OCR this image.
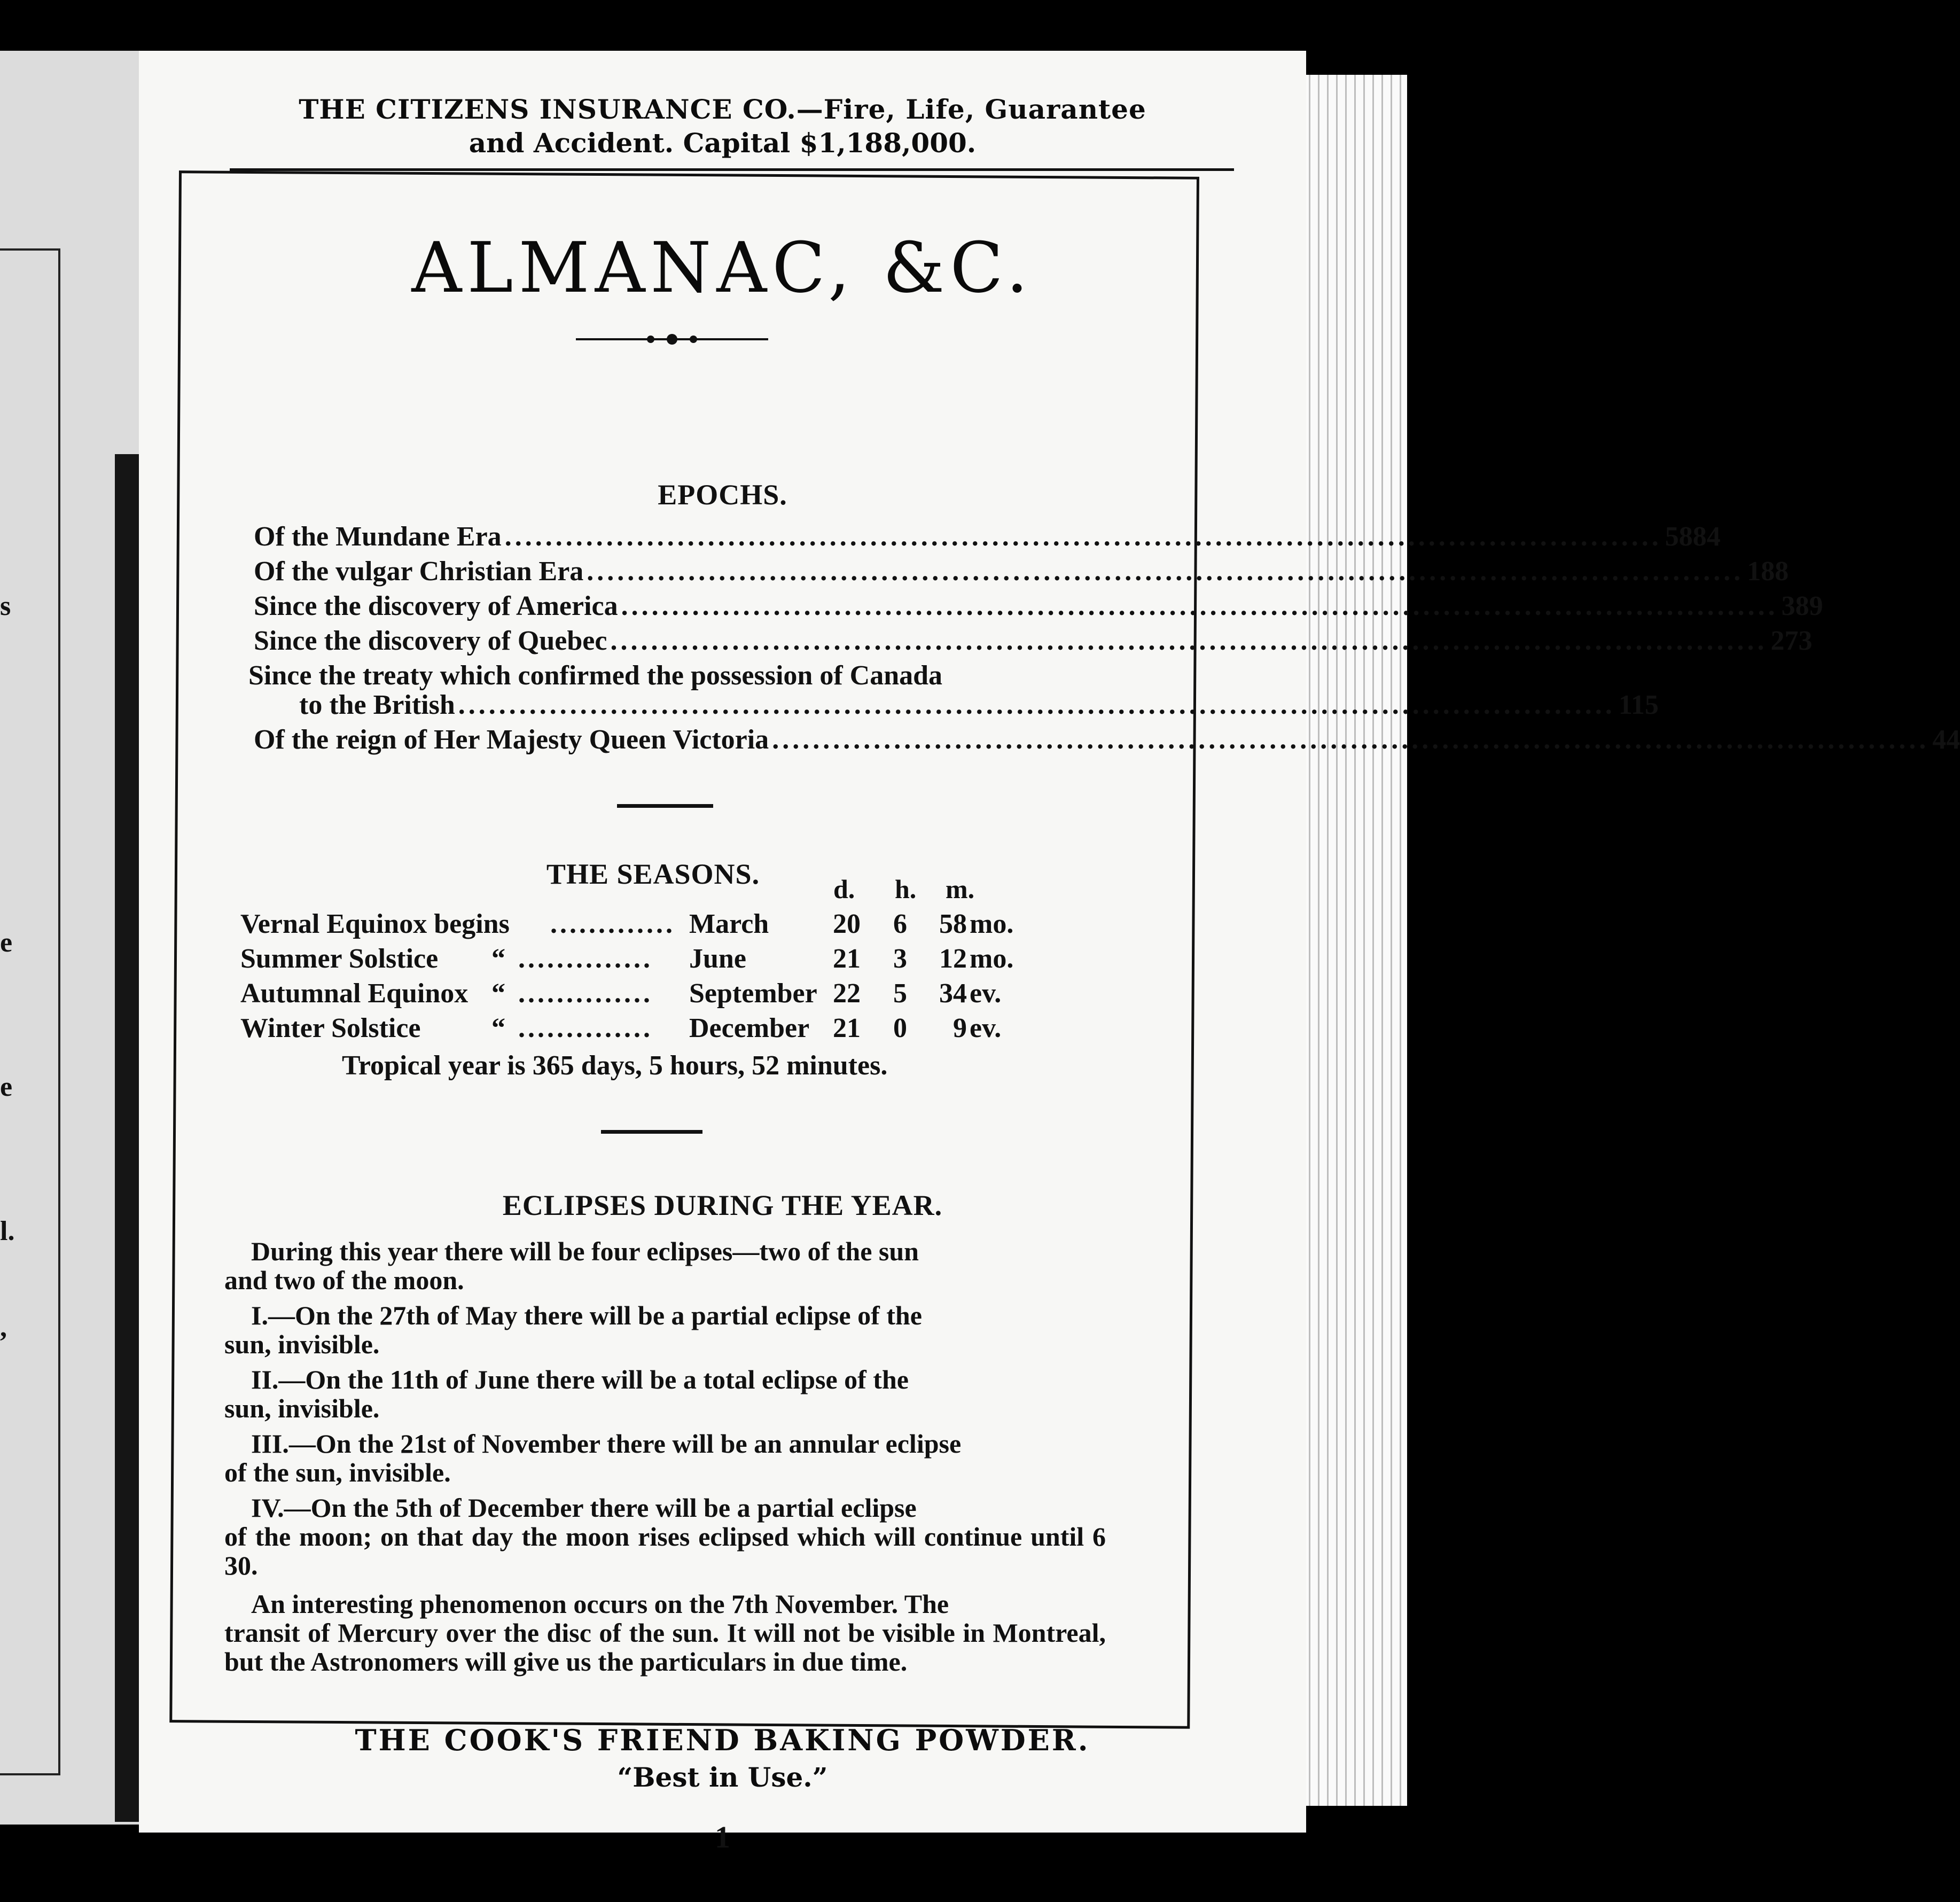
s
e
e
l.
,
THE CITIZENS INSURANCE CO.—Fire, Life, Guarantee
and Accident. Capital $1,188,000.
ALMANAC, &C.
EPOCHS.
Of the Mundane Era .................................................................................................................. 5884
Of the vulgar Christian Era .................................................................................................................. 188
Since the discovery of America .................................................................................................................. 389
Since the discovery of Quebec .................................................................................................................. 273
Since the treaty which confirmed the possession of Canada
to the British .................................................................................................................. 115
Of the reign of Her Majesty Queen Victoria .................................................................................................................. 44
THE SEASONS.	d. h. m.
Vernal Equinox begins ............. March	20	6	58 mo.
Summer Solstice “ .............. June	21	3	12 mo.
Autumnal Equinox “ .............. September 22	5	34 ev.
Winter Solstice	“ .............. December 21	0	9 ev.
Tropical year is 365 days, 5 hours, 52 minutes.
ECLIPSES DURING THE YEAR.
During this year there will be four eclipses—two of the sun
and two of the moon.
I.—On the 27th of May there will be a partial eclipse of the
sun, invisible.
II.—On the 11th of June there will be a total eclipse of the
sun, invisible.
III.—On the 21st of November there will be an annular eclipse
of the sun, invisible.
IV.—On the 5th of December there will be a partial eclipse
of the moon; on that day the moon rises eclipsed which will continue until 6 30.
An interesting phenomenon occurs on the 7th November. The
transit of Mercury over the disc of the sun. It will not be visible in Montreal, but the Astronomers will give us the particulars in due time.
THE COOK'S FRIEND BAKING POWDER.
“Best in Use.”
1
